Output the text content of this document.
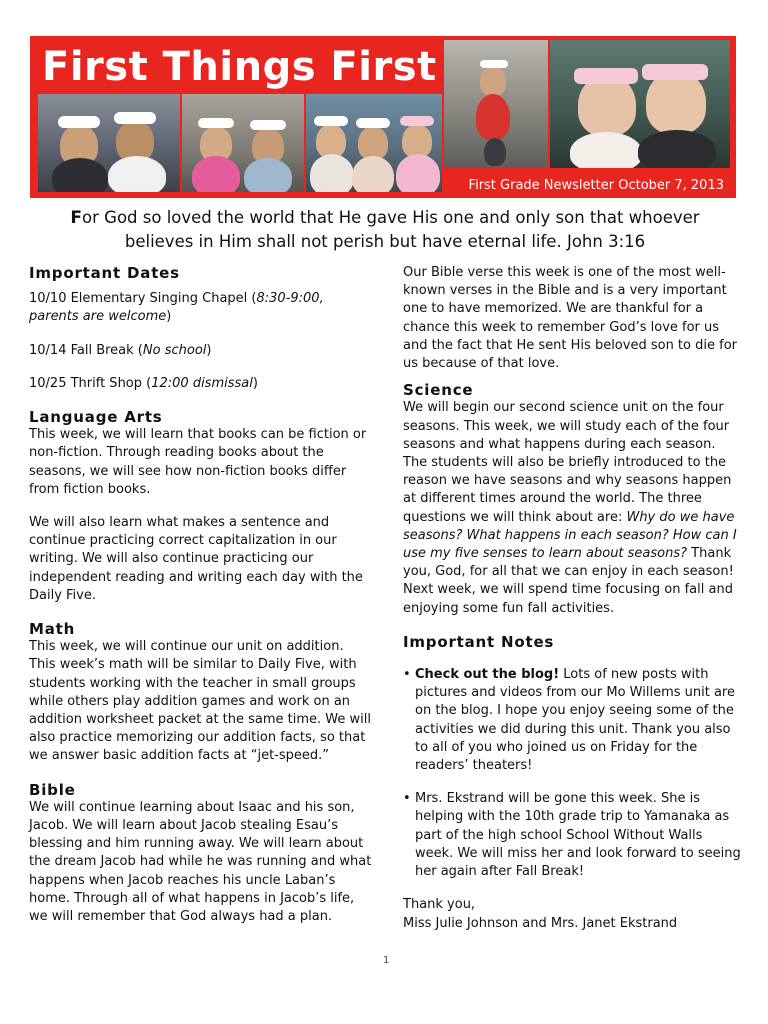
First Things First
First Grade Newsletter October 7, 2013
For God so loved the world that He gave His one and only son that whoever believes in Him shall not perish but have eternal life. John 3:16
Important Dates

10/10 Elementary Singing Chapel (8:30-9:00, parents are welcome)

10/14 Fall Break (No school)

10/25 Thrift Shop (12:00 dismissal)

Language Arts

This week, we will learn that books can be fiction or non-fiction. Through reading books about the seasons, we will see how non-fiction books differ from fiction books.

We will also learn what makes a sentence and continue practicing correct capitalization in our writing. We will also continue practicing our independent reading and writing each day with the Daily Five.

Math

This week, we will continue our unit on addition. This week’s math will be similar to Daily Five, with students working with the teacher in small groups while others play addition games and work on an addition worksheet packet at the same time. We will also practice memorizing our addition facts, so that we answer basic addition facts at “jet-speed.”

Bible

We will continue learning about Isaac and his son, Jacob. We will learn about Jacob stealing Esau’s blessing and him running away. We will learn about the dream Jacob had while he was running and what happens when Jacob reaches his uncle Laban’s home. Through all of what happens in Jacob’s life, we will remember that God always had a plan.

Our Bible verse this week is one of the most well-known verses in the Bible and is a very important one to have memorized. We are thankful for a chance this week to remember God’s love for us and the fact that He sent His beloved son to die for us because of that love.

Science

We will begin our second science unit on the four seasons. This week, we will study each of the four seasons and what happens during each season. The students will also be briefly introduced to the reason we have seasons and why seasons happen at different times around the world. The three questions we will think about are: Why do we have seasons? What happens in each season? How can I use my five senses to learn about seasons? Thank you, God, for all that we can enjoy in each season! Next week, we will spend time focusing on fall and enjoying some fun fall activities.

Important Notes
• Check out the blog! Lots of new posts with pictures and videos from our Mo Willems unit are on the blog. I hope you enjoy seeing some of the activities we did during this unit. Thank you also to all of you who joined us on Friday for the readers’ theaters!
• Mrs. Ekstrand will be gone this week. She is helping with the 10th grade trip to Yamanaka as part of the high school School Without Walls week. We will miss her and look forward to seeing her again after Fall Break!

Thank you,

Miss Julie Johnson and Mrs. Janet Ekstrand

1
